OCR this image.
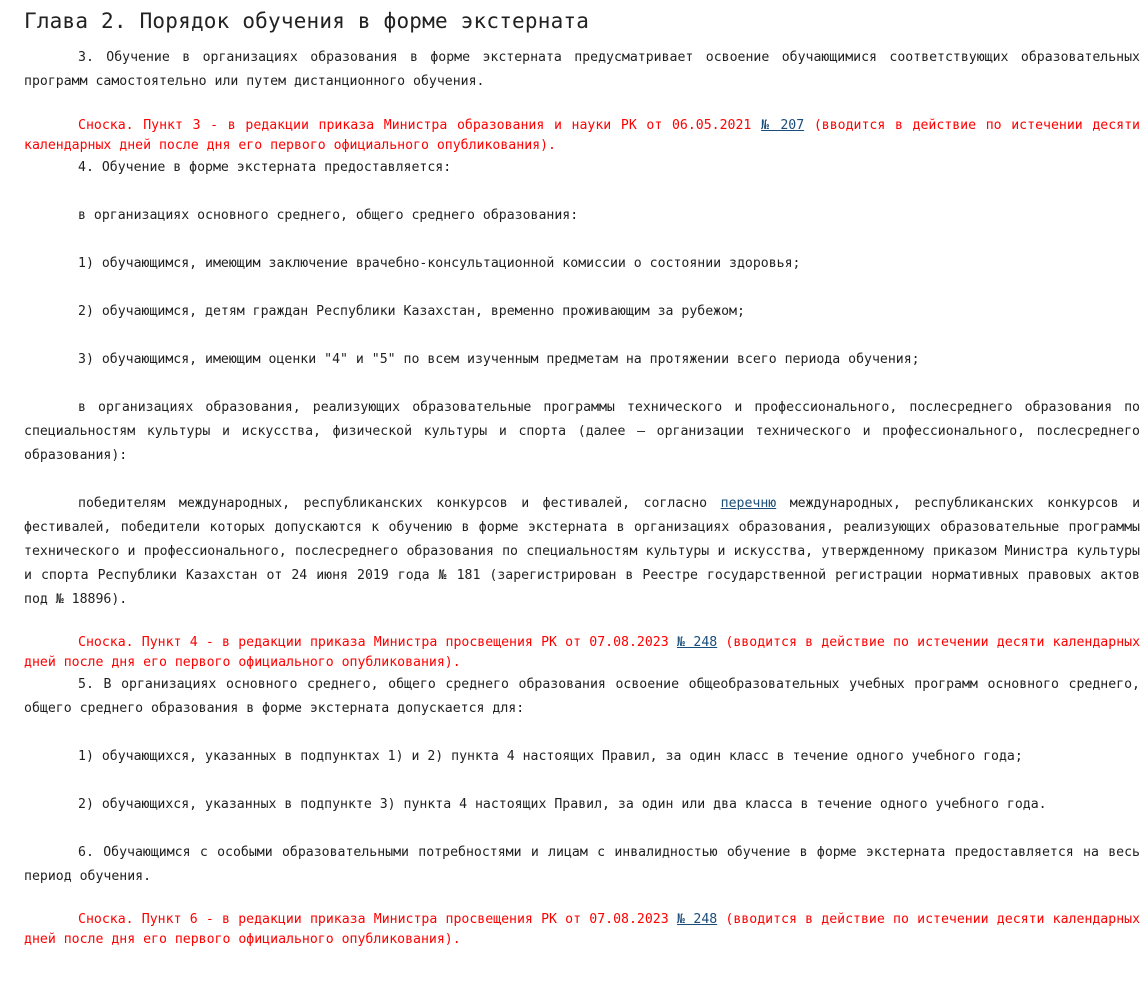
Глава 2. Порядок обучения в форме экстерната

3. Обучение в организациях образования в форме экстерната предусматривает освоение обучающимися соответствующих образовательных программ самостоятельно или путем дистанционного обучения.

Сноска. Пункт 3 - в редакции приказа Министра образования и науки РК от 06.05.2021 № 207 (вводится в действие по истечении десяти календарных дней после дня его первого официального опубликования).

4. Обучение в форме экстерната предоставляется:

в организациях основного среднего, общего среднего образования:

1) обучающимся, имеющим заключение врачебно-консультационной комиссии о состоянии здоровья;

2) обучающимся, детям граждан Республики Казахстан, временно проживающим за рубежом;

3) обучающимся, имеющим оценки "4" и "5" по всем изученным предметам на протяжении всего периода обучения;

в организациях образования, реализующих образовательные программы технического и профессионального, послесреднего образования по специальностям культуры и искусства, физической культуры и спорта (далее – организации технического и профессионального, послесреднего образования):

победителям международных, республиканских конкурсов и фестивалей, согласно перечню международных, республиканских конкурсов и фестивалей, победители которых допускаются к обучению в форме экстерната в организациях образования, реализующих образовательные программы технического и профессионального, послесреднего образования по специальностям культуры и искусства, утвержденному приказом Министра культуры и спорта Республики Казахстан от 24 июня 2019 года № 181 (зарегистрирован в Реестре государственной регистрации нормативных правовых актов под № 18896).

Сноска. Пункт 4 - в редакции приказа Министра просвещения РК от 07.08.2023 № 248 (вводится в действие по истечении десяти календарных дней после дня его первого официального опубликования).

5. В организациях основного среднего, общего среднего образования освоение общеобразовательных учебных программ основного среднего, общего среднего образования в форме экстерната допускается для:

1) обучающихся, указанных в подпунктах 1) и 2) пункта 4 настоящих Правил, за один класс в течение одного учебного года;

2) обучающихся, указанных в подпункте 3) пункта 4 настоящих Правил, за один или два класса в течение одного учебного года.

6. Обучающимся с особыми образовательными потребностями и лицам с инвалидностью обучение в форме экстерната предоставляется на весь период обучения.

Сноска. Пункт 6 - в редакции приказа Министра просвещения РК от 07.08.2023 № 248 (вводится в действие по истечении десяти календарных дней после дня его первого официального опубликования).
